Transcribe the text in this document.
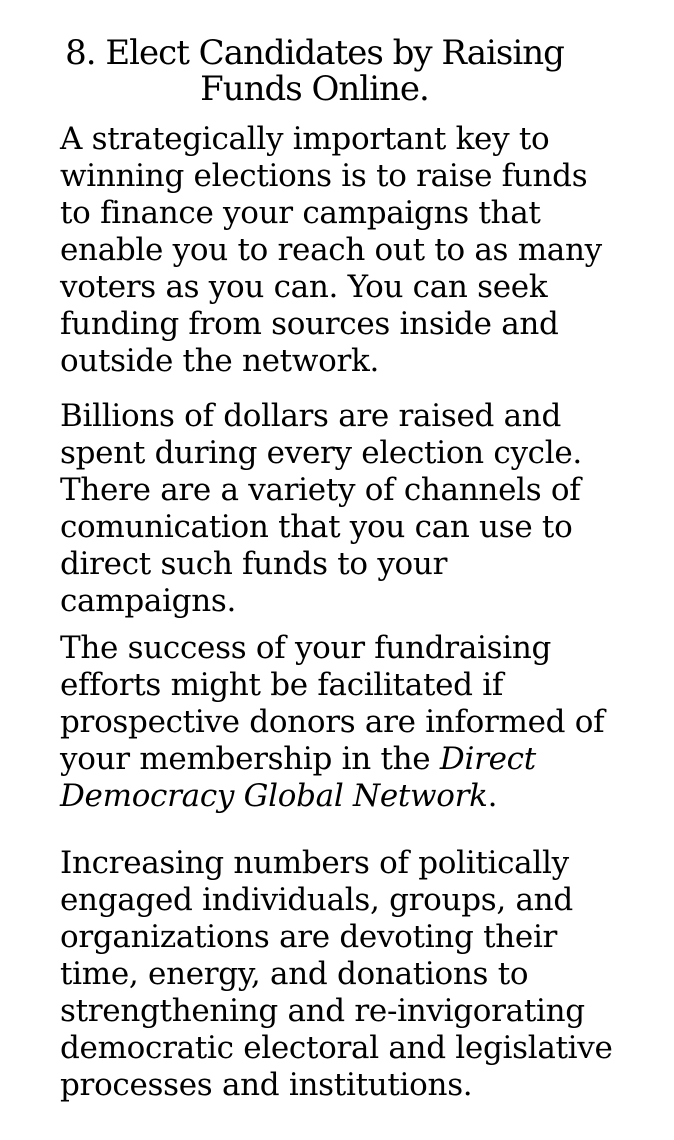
8. Elect Candidates by Raising
Funds Online.

A strategically important key to
winning elections is to raise funds
to finance your campaigns that
enable you to reach out to as many
voters as you can. You can seek
funding from sources inside and
outside the network.

Billions of dollars are raised and
spent during every election cycle.
There are a variety of channels of
comunication that you can use to
direct such funds to your
campaigns.

The success of your fundraising
efforts might be facilitated if
prospective donors are informed of
your membership in the Direct
Democracy Global Network.

Increasing numbers of politically
engaged individuals, groups, and
organizations are devoting their
time, energy, and donations to
strengthening and re-invigorating
democratic electoral and legislative
processes and institutions.
